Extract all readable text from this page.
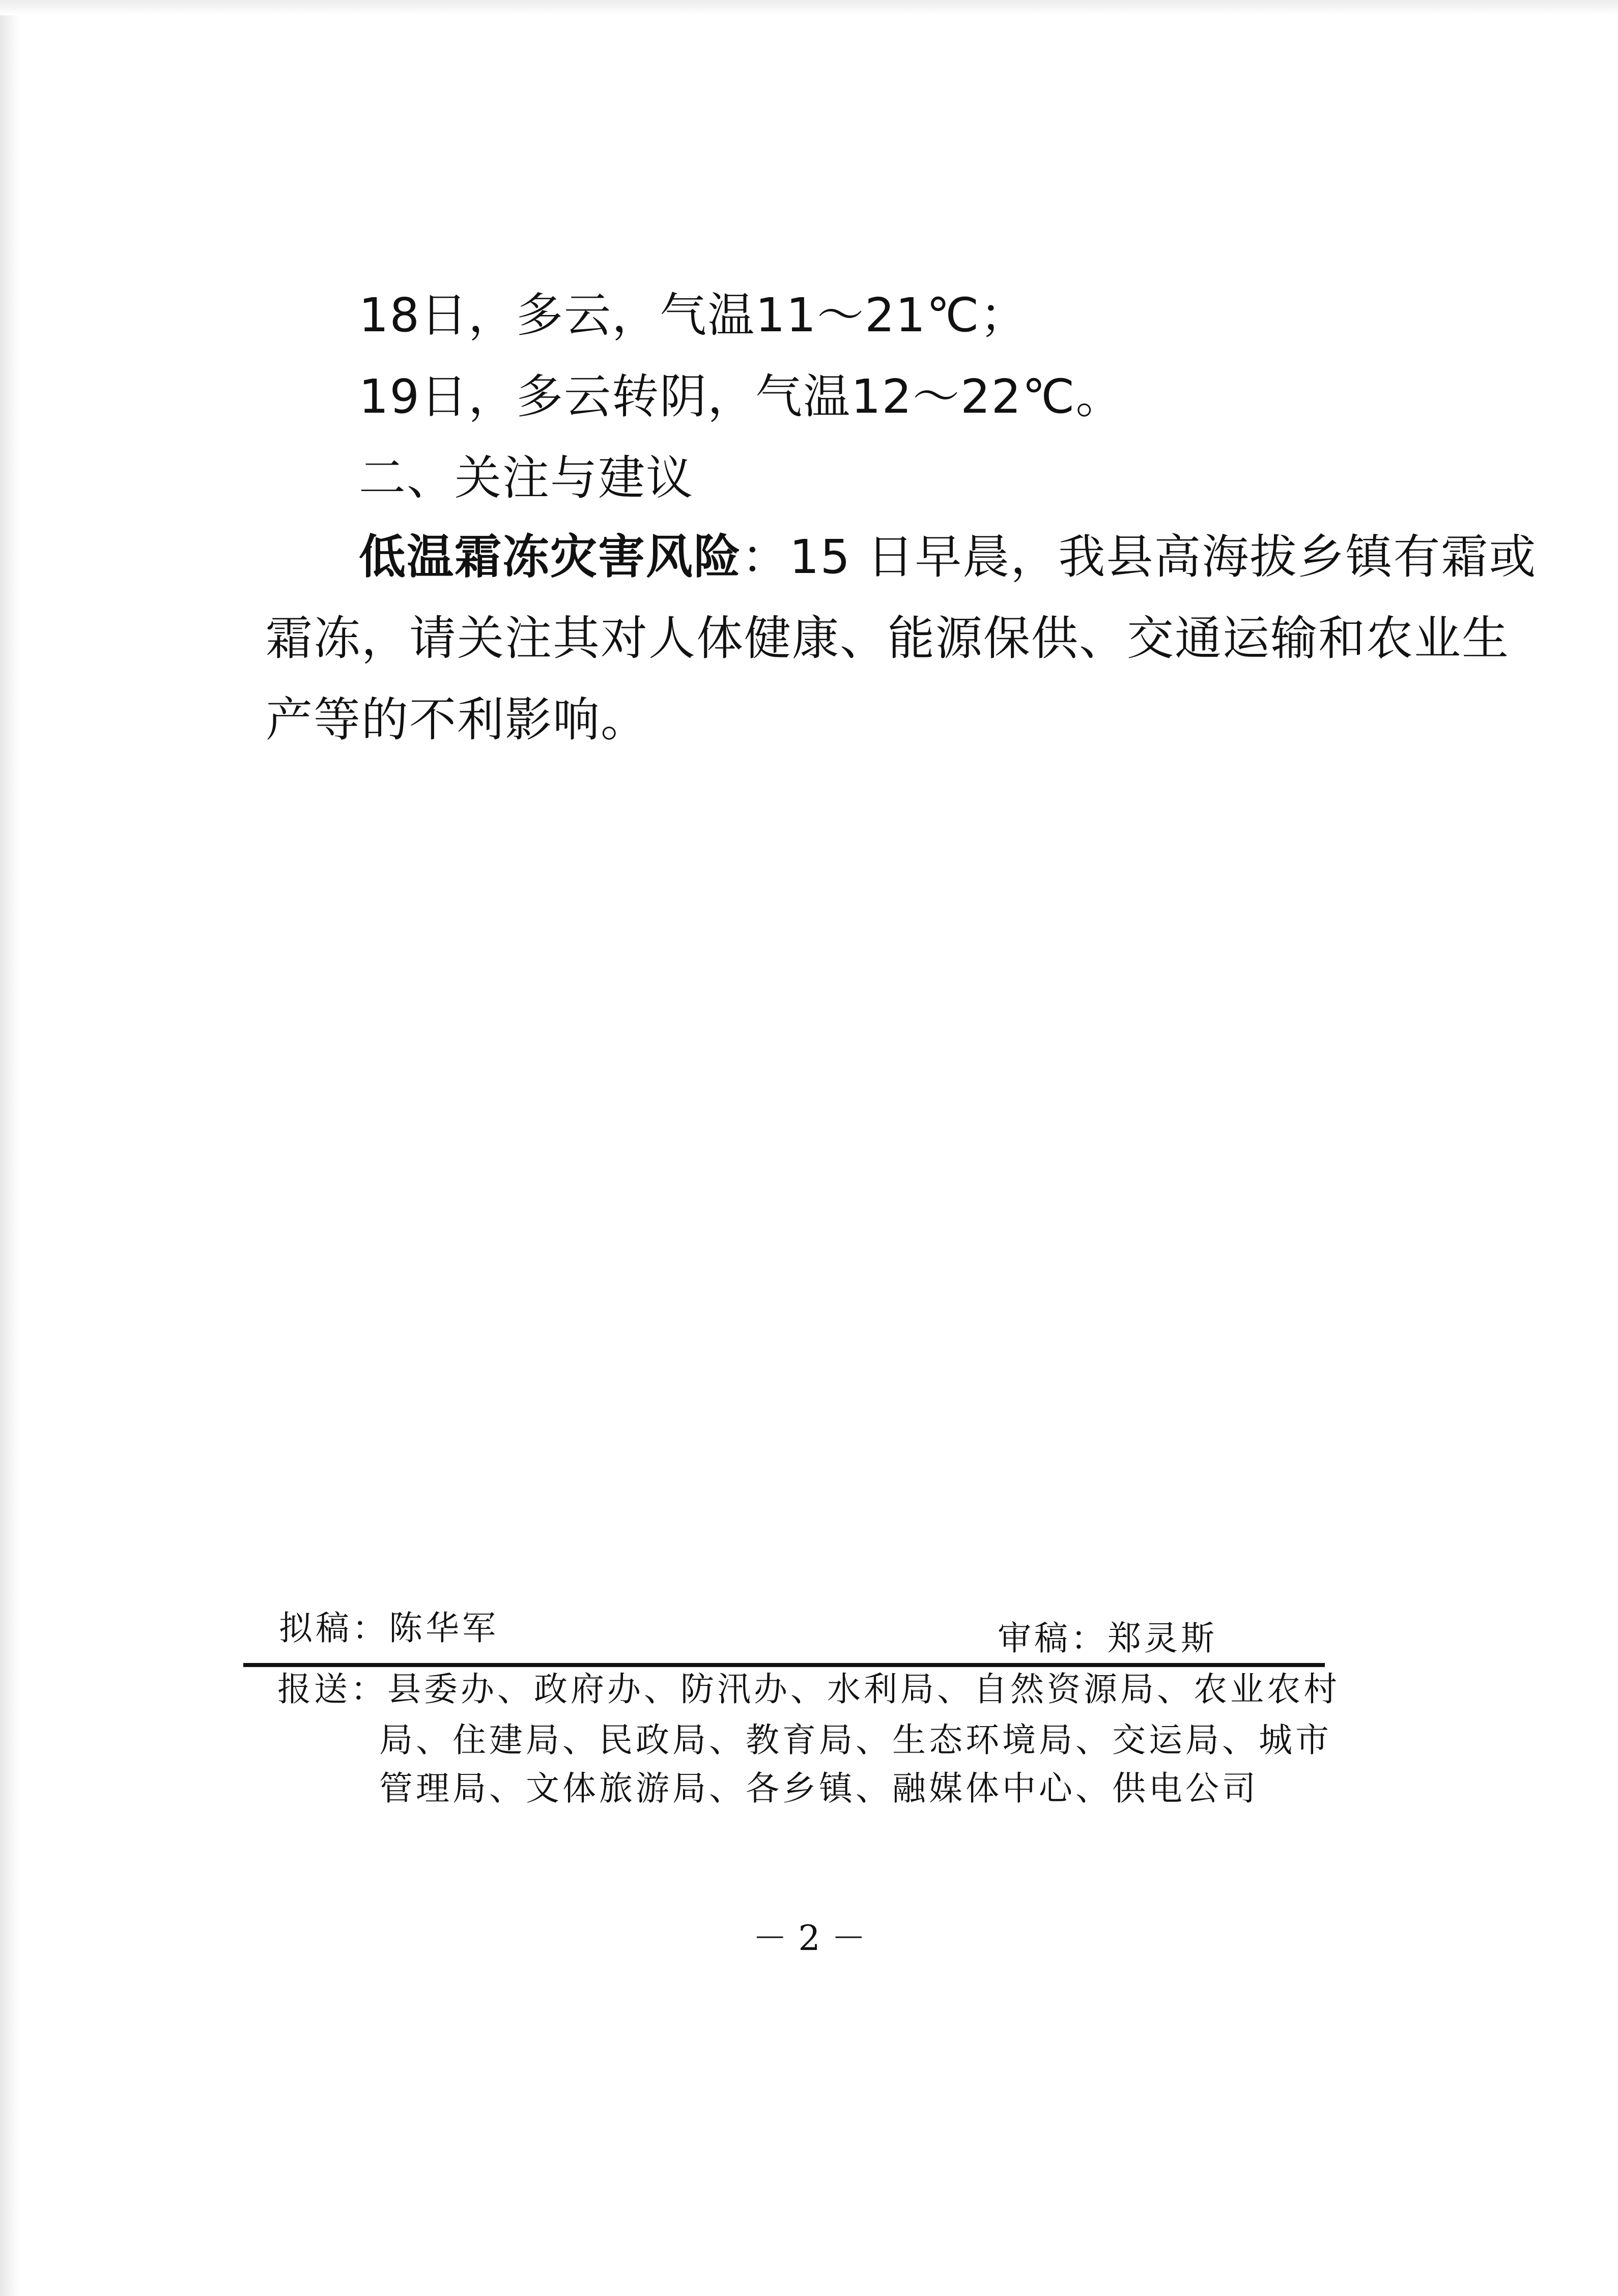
18日，多云，气温11～21℃；
19日，多云转阴，气温12～22℃。
二、关注与建议
低温霜冻灾害风险：15 日早晨，我县高海拔乡镇有霜或
霜冻，请关注其对人体健康、能源保供、交通运输和农业生
产等的不利影响。
拟稿：陈华军	审稿：郑灵斯
报送：县委办、政府办、防汛办、水利局、自然资源局、农业农村
局、住建局、民政局、教育局、生态环境局、交运局、城市
管理局、文体旅游局、各乡镇、融媒体中心、供电公司
－ 2 －
